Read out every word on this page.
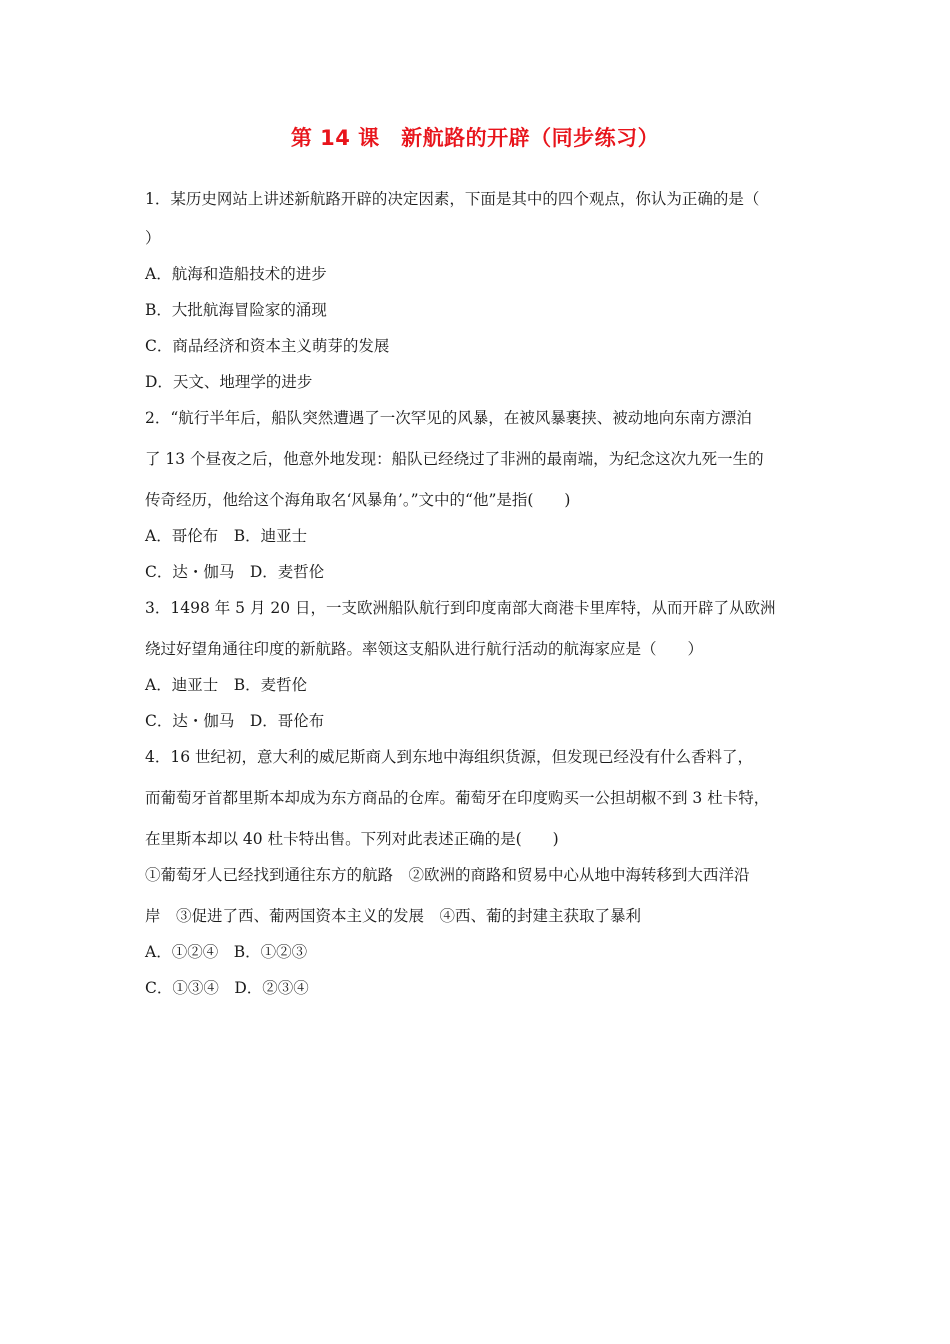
第 14 课　新航路的开辟（同步练习）
1．某历史网站上讲述新航路开辟的决定因素，下面是其中的四个观点，你认为正确的是（
）
A．航海和造船技术的进步
B．大批航海冒险家的涌现
C．商品经济和资本主义萌芽的发展
D．天文、地理学的进步
2．“航行半年后，船队突然遭遇了一次罕见的风暴，在被风暴裹挟、被动地向东南方漂泊
了 13 个昼夜之后，他意外地发现：船队已经绕过了非洲的最南端，为纪念这次九死一生的
传奇经历，他给这个海角取名‘风暴角’。”文中的“他”是指(　　)
A．哥伦布　B．迪亚士
C．达・伽马　D．麦哲伦
3．1498 年 5 月 20 日，一支欧洲船队航行到印度南部大商港卡里库特，从而开辟了从欧洲
绕过好望角通往印度的新航路。率领这支船队进行航行活动的航海家应是（　　）
A．迪亚士　B．麦哲伦
C．达・伽马　D．哥伦布
4．16 世纪初，意大利的威尼斯商人到东地中海组织货源，但发现已经没有什么香料了，
而葡萄牙首都里斯本却成为东方商品的仓库。葡萄牙在印度购买一公担胡椒不到 3 杜卡特，
在里斯本却以 40 杜卡特出售。下列对此表述正确的是(　　)
①葡萄牙人已经找到通往东方的航路　②欧洲的商路和贸易中心从地中海转移到大西洋沿
岸　③促进了西、葡两国资本主义的发展　④西、葡的封建主获取了暴利
A．①②④　B．①②③
C．①③④　D．②③④
